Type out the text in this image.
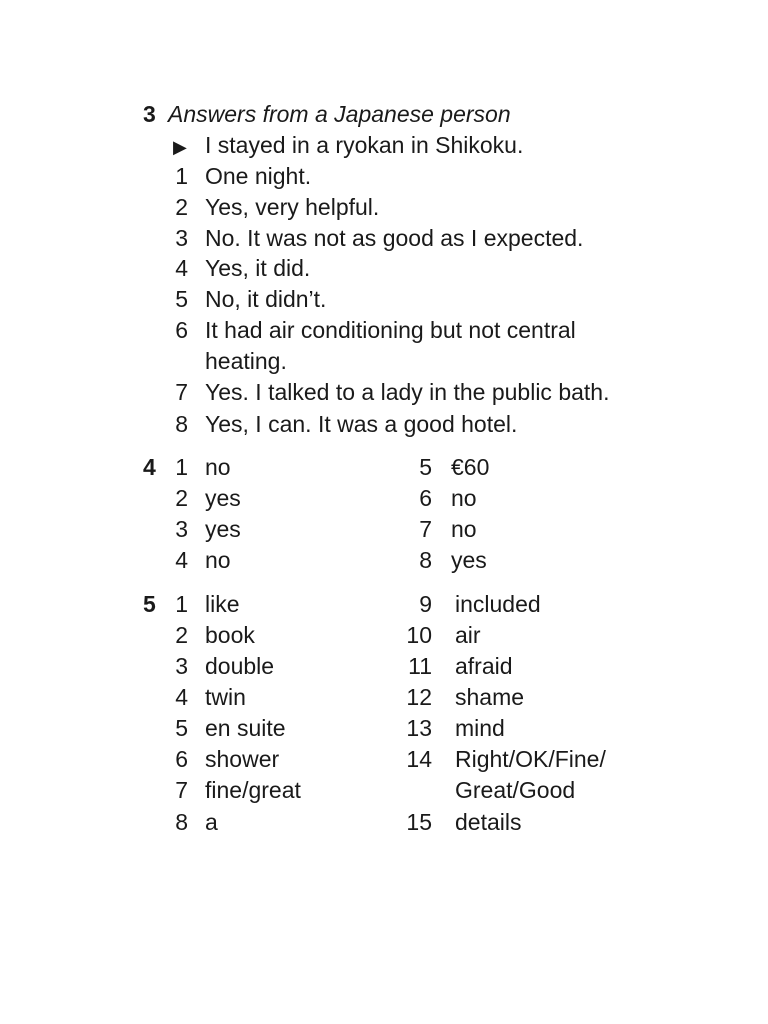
3 Answers from a Japanese person
▶ I stayed in a ryokan in Shikoku.
1 One night.
2 Yes, very helpful.
3 No. It was not as good as I expected.
4 Yes, it did.
5 No, it didn’t.
6 It had air conditioning but not central
heating.
7 Yes. I talked to a lady in the public bath.
8 Yes, I can. It was a good hotel.
4 1 no
2 yes
3 yes
4 no
5 €60
6 no
7 no
8 yes
5 1 like
2 book
3 double
4 twin
5 en suite
6 shower
7 fine/great
8 a
9 included
10 air
11 afraid
12 shame
13 mind
14 Right/OK/Fine/
Great/Good
15 details
